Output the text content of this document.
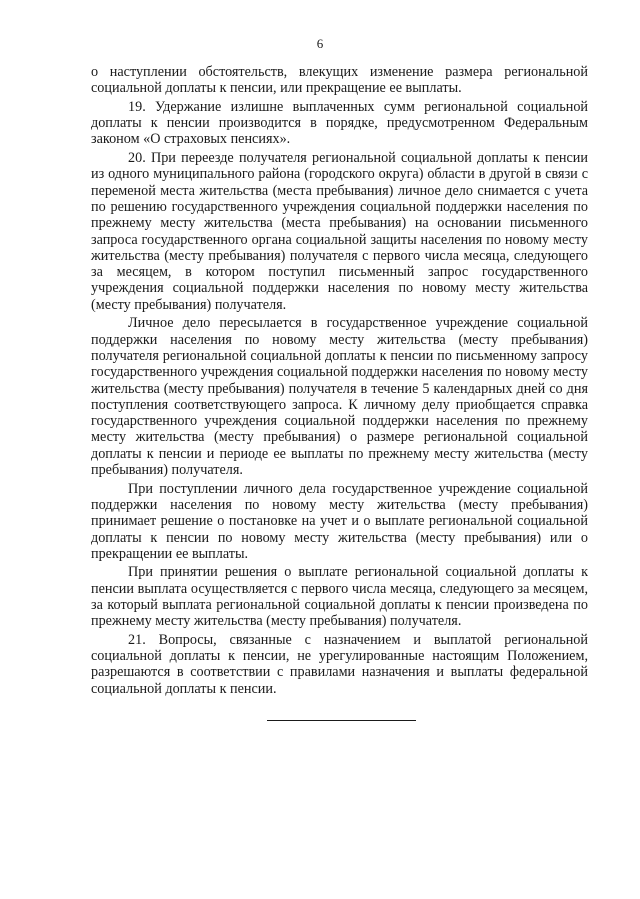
6

о наступлении обстоятельств, влекущих изменение размера региональной социальной доплаты к пенсии, или прекращение ее выплаты.

19. Удержание излишне выплаченных сумм региональной социальной доплаты к пенсии производится в порядке, предусмотренном Федеральным законом «О страховых пенсиях».

20. При переезде получателя региональной социальной доплаты к пенсии из одного муниципального района (городского округа) области в другой в связи с переменой места жительства (места пребывания) личное дело снимается с учета по решению государственного учреждения социальной поддержки населения по прежнему месту жительства (места пребывания) на основании письменного запроса государственного органа социальной защиты населения по новому месту жительства (месту пребывания) получателя с первого числа месяца, следующего за месяцем, в котором поступил письменный запрос государственного учреждения социальной поддержки населения по новому месту жительства (месту пребывания) получателя.

Личное дело пересылается в государственное учреждение социальной поддержки населения по новому месту жительства (месту пребывания) получателя региональной социальной доплаты к пенсии по письменному запросу государственного учреждения социальной поддержки населения по новому месту жительства (месту пребывания) получателя в течение 5 календарных дней со дня поступления соответствующего запроса. К личному делу приобщается справка государственного учреждения социальной поддержки населения по прежнему месту жительства (месту пребывания) о размере региональной социальной доплаты к пенсии и периоде ее выплаты по прежнему месту жительства (месту пребывания) получателя.

При поступлении личного дела государственное учреждение социальной поддержки населения по новому месту жительства (месту пребывания) принимает решение о постановке на учет и о выплате региональной социальной доплаты к пенсии по новому месту жительства (месту пребывания) или о прекращении ее выплаты.

При принятии решения о выплате региональной социальной доплаты к пенсии выплата осуществляется с первого числа месяца, следующего за месяцем, за который выплата региональной социальной доплаты к пенсии произведена по прежнему месту жительства (месту пребывания) получателя.

21. Вопросы, связанные с назначением и выплатой региональной социальной доплаты к пенсии, не урегулированные настоящим Положением, разрешаются в соответствии с правилами назначения и выплаты федеральной социальной доплаты к пенсии.
